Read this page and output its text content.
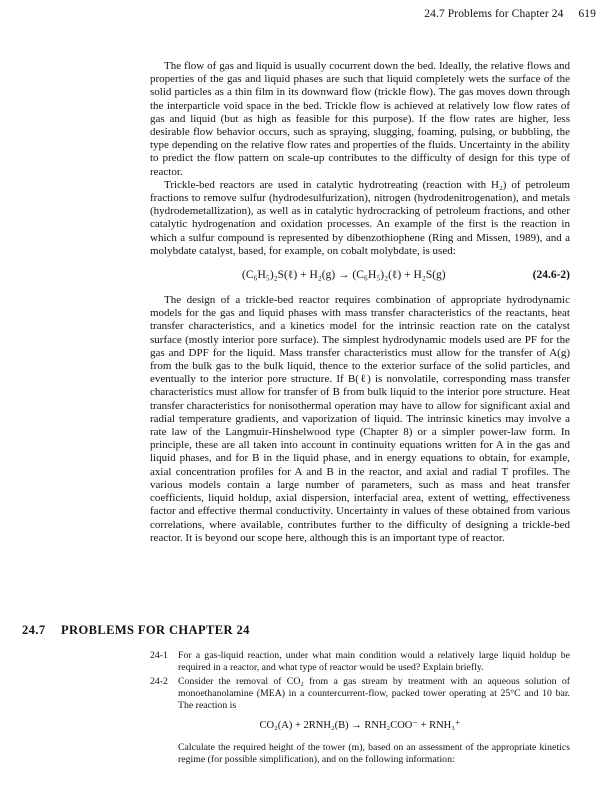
24.7 Problems for Chapter 24 619

The flow of gas and liquid is usually cocurrent down the bed. Ideally, the relative flows and properties of the gas and liquid phases are such that liquid completely wets the surface of the solid particles as a thin film in its downward flow (trickle flow). The gas moves down through the interparticle void space in the bed. Trickle flow is achieved at relatively low flow rates of gas and liquid (but as high as feasible for this purpose). If the flow rates are higher, less desirable flow behavior occurs, such as spraying, slugging, foaming, pulsing, or bubbling, the type depending on the relative flow rates and properties of the fluids. Uncertainty in the ability to predict the flow pattern on scale-up contributes to the difficulty of design for this type of reactor.

Trickle-bed reactors are used in catalytic hydrotreating (reaction with H₂) of petroleum fractions to remove sulfur (hydrodesulfurization), nitrogen (hydrodenitrogenation), and metals (hydrodemetallization), as well as in catalytic hydrocracking of petroleum fractions, and other catalytic hydrogenation and oxidation processes. An example of the first is the reaction in which a sulfur compound is represented by dibenzothiophene (Ring and Missen, 1989), and a molybdate catalyst, based, for example, on cobalt molybdate, is used:

(C₆H₅)₂S(ℓ) + H₂(g) → (C₆H₅)₂(ℓ) + H₂S(g)	(24.6-2)

The design of a trickle-bed reactor requires combination of appropriate hydrodynamic models for the gas and liquid phases with mass transfer characteristics of the reactants, heat transfer characteristics, and a kinetics model for the intrinsic reaction rate on the catalyst surface (mostly interior pore surface). The simplest hydrodynamic models used are PF for the gas and DPF for the liquid. Mass transfer characteristics must allow for the transfer of A(g) from the bulk gas to the bulk liquid, thence to the exterior surface of the solid particles, and eventually to the interior pore structure. If B(ℓ) is nonvolatile, corresponding mass transfer characteristics must allow for transfer of B from bulk liquid to the interior pore structure. Heat transfer characteristics for nonisothermal operation may have to allow for significant axial and radial temperature gradients, and vaporization of liquid. The intrinsic kinetics may involve a rate law of the Langmuir-Hinshelwood type (Chapter 8) or a simpler power-law form. In principle, these are all taken into account in continuity equations written for A in the gas and liquid phases, and for B in the liquid phase, and in energy equations to obtain, for example, axial concentration profiles for A and B in the reactor, and axial and radial T profiles. The various models contain a large number of parameters, such as mass and heat transfer coefficients, liquid holdup, axial dispersion, interfacial area, extent of wetting, effectiveness factor and effective thermal conductivity. Uncertainty in values of these obtained from various correlations, where available, contributes further to the difficulty of designing a trickle-bed reactor. It is beyond our scope here, although this is an important type of reactor.

24.7 PROBLEMS FOR CHAPTER 24
24-1 For a gas-liquid reaction, under what main condition would a relatively large liquid holdup be required in a reactor, and what type of reactor would be used? Explain briefly.
24-2 Consider the removal of CO₂ from a gas stream by treatment with an aqueous solution of monoethanolamine (MEA) in a countercurrent-flow, packed tower operating at 25°C and 10 bar. The reaction is
CO₂(A) + 2RNH₂(B) → RNH₂COO⁻ + RNH₃⁺
Calculate the required height of the tower (m), based on an assessment of the appropriate kinetics regime (for possible simplification), and on the following information:
